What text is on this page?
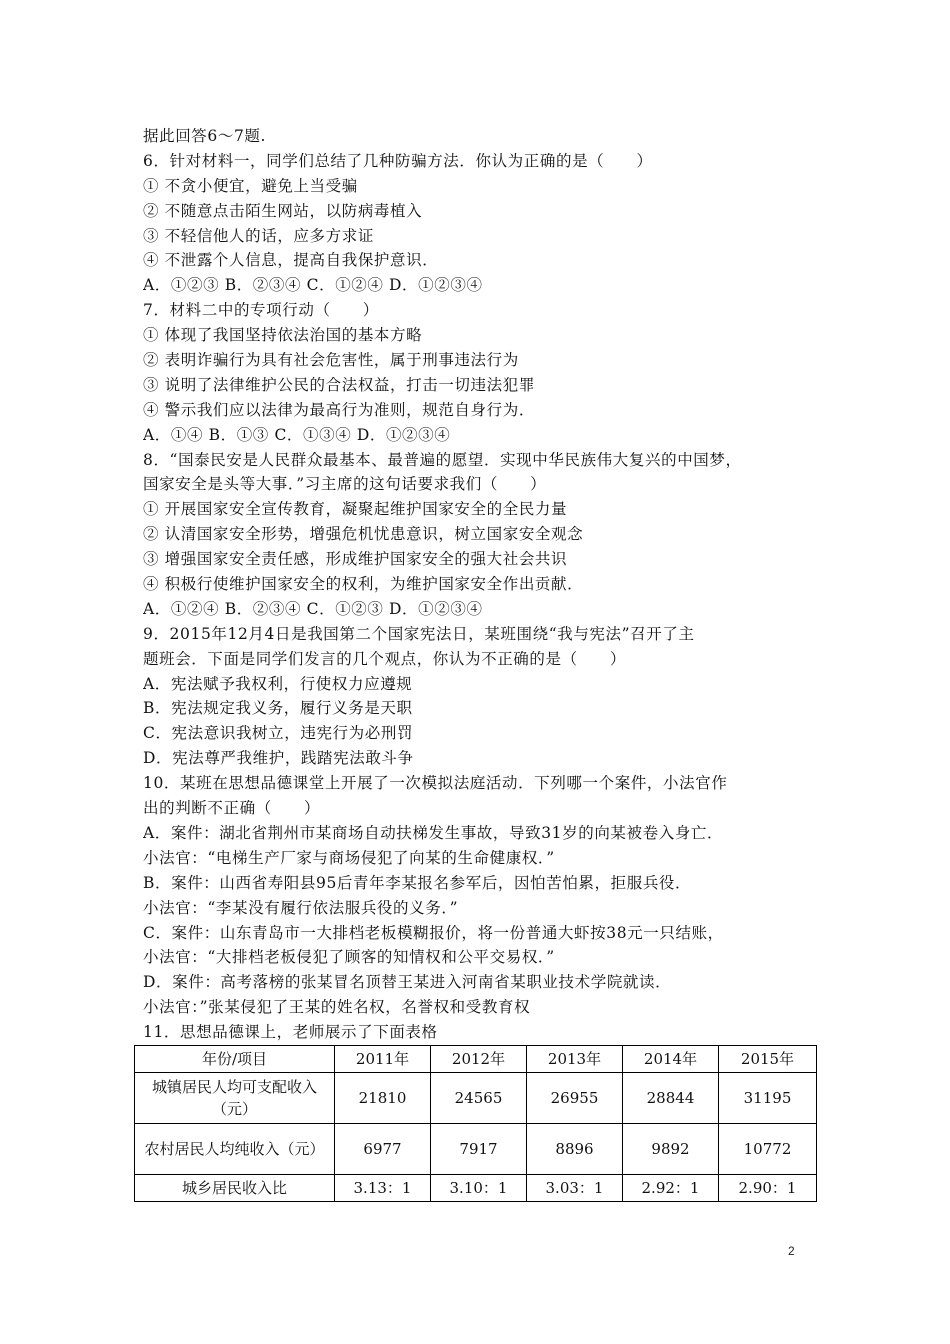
据此回答6～7题.
6．针对材料一，同学们总结了几种防骗方法．你认为正确的是（　　）
① 不贪小便宜，避免上当受骗
② 不随意点击陌生网站，以防病毒植入
③ 不轻信他人的话，应多方求证
④ 不泄露个人信息，提高自我保护意识．
A．①②③ B．②③④ C．①②④ D．①②③④
7．材料二中的专项行动（　　）
① 体现了我国坚持依法治国的基本方略
② 表明诈骗行为具有社会危害性，属于刑事违法行为
③ 说明了法律维护公民的合法权益，打击一切违法犯罪
④ 警示我们应以法律为最高行为准则，规范自身行为．
A．①④ B．①③ C．①③④ D．①②③④
8．“国泰民安是人民群众最基本、最普遍的愿望．实现中华民族伟大复兴的中国梦，
国家安全是头等大事．”习主席的这句话要求我们（　　）
① 开展国家安全宣传教育，凝聚起维护国家安全的全民力量
② 认清国家安全形势，增强危机忧患意识，树立国家安全观念
③ 增强国家安全责任感，形成维护国家安全的强大社会共识
④ 积极行使维护国家安全的权利，为维护国家安全作出贡献．
A．①②④ B．②③④ C．①②③ D．①②③④
9．2015年12月4日是我国第二个国家宪法日，某班围绕“我与宪法”召开了主
题班会．下面是同学们发言的几个观点，你认为不正确的是（　　）
A．宪法赋予我权利，行使权力应遵规
B．宪法规定我义务，履行义务是天职
C．宪法意识我树立，违宪行为必刑罚
D．宪法尊严我维护，践踏宪法敢斗争
10．某班在思想品德课堂上开展了一次模拟法庭活动．下列哪一个案件，小法官作
出的判断不正确（　　）
A．案件：湖北省荆州市某商场自动扶梯发生事故，导致31岁的向某被卷入身亡．
小法官：“电梯生产厂家与商场侵犯了向某的生命健康权．”
B．案件：山西省寿阳县95后青年李某报名参军后，因怕苦怕累，拒服兵役．
小法官：“李某没有履行依法服兵役的义务．”
C．案件：山东青岛市一大排档老板模糊报价，将一份普通大虾按38元一只结账，
小法官：“大排档老板侵犯了顾客的知情权和公平交易权．”
D．案件：高考落榜的张某冒名顶替王某进入河南省某职业技术学院就读．
小法官：”张某侵犯了王某的姓名权，名誉权和受教育权
11．思想品德课上，老师展示了下面表格
年份/项目	2011年	2012年	2013年	2014年	2015年
城镇居民人均可支配收入（元）	21810	24565	26955	28844	31195
农村居民人均纯收入（元）	6977	7917	8896	9892	10772
城乡居民收入比	3.13：1	3.10：1	3.03：1	2.92：1	2.90：1
2
